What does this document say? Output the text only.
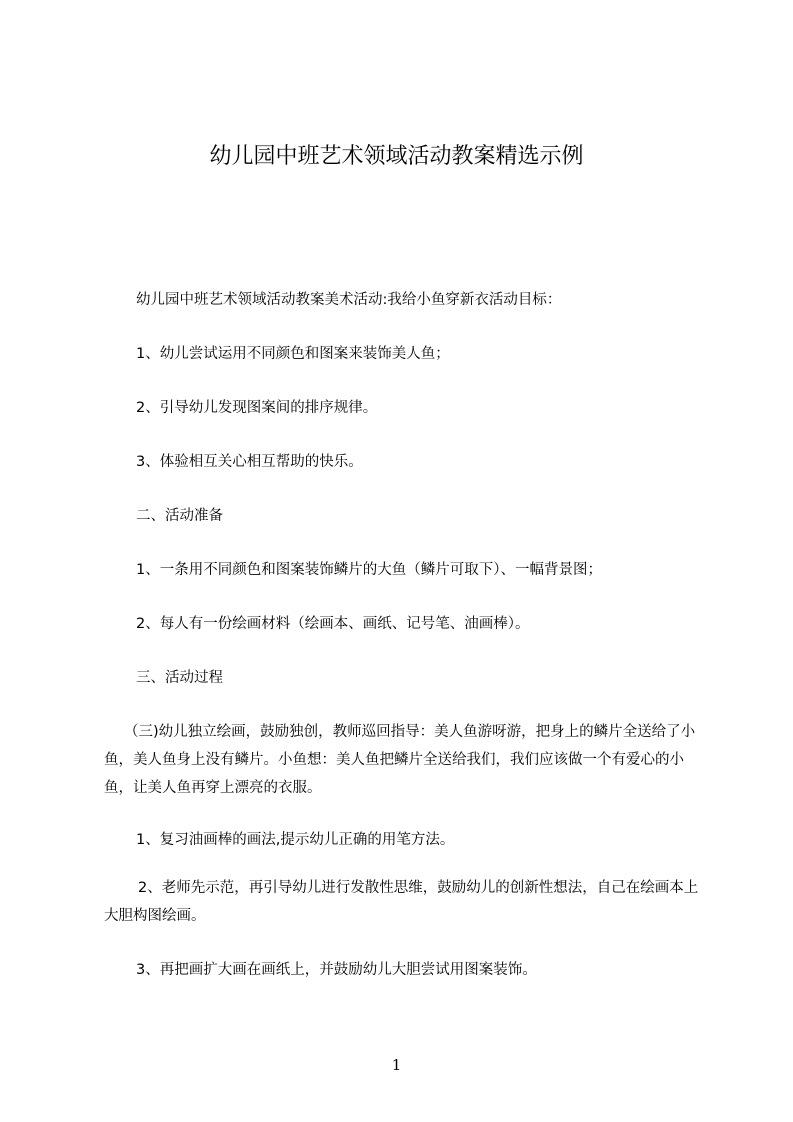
幼儿园中班艺术领域活动教案精选示例
幼儿园中班艺术领域活动教案美术活动:我给小鱼穿新衣活动目标：
1、幼儿尝试运用不同颜色和图案来装饰美人鱼；
2、引导幼儿发现图案间的排序规律。
3、体验相互关心相互帮助的快乐。
二、活动准备
1、一条用不同颜色和图案装饰鳞片的大鱼（鳞片可取下）、一幅背景图；
2、每人有一份绘画材料（绘画本、画纸、记号笔、油画棒）。
三、活动过程
（三)幼儿独立绘画，鼓励独创，教师巡回指导：美人鱼游呀游，把身上的鳞片全送给了小鱼，美人鱼身上没有鳞片。小鱼想：美人鱼把鳞片全送给我们，我们应该做一个有爱心的小鱼，让美人鱼再穿上漂亮的衣服。
1、复习油画棒的画法,提示幼儿正确的用笔方法。
2、老师先示范，再引导幼儿进行发散性思维，鼓励幼儿的创新性想法，自己在绘画本上大胆构图绘画。
3、再把画扩大画在画纸上，并鼓励幼儿大胆尝试用图案装饰。
1
